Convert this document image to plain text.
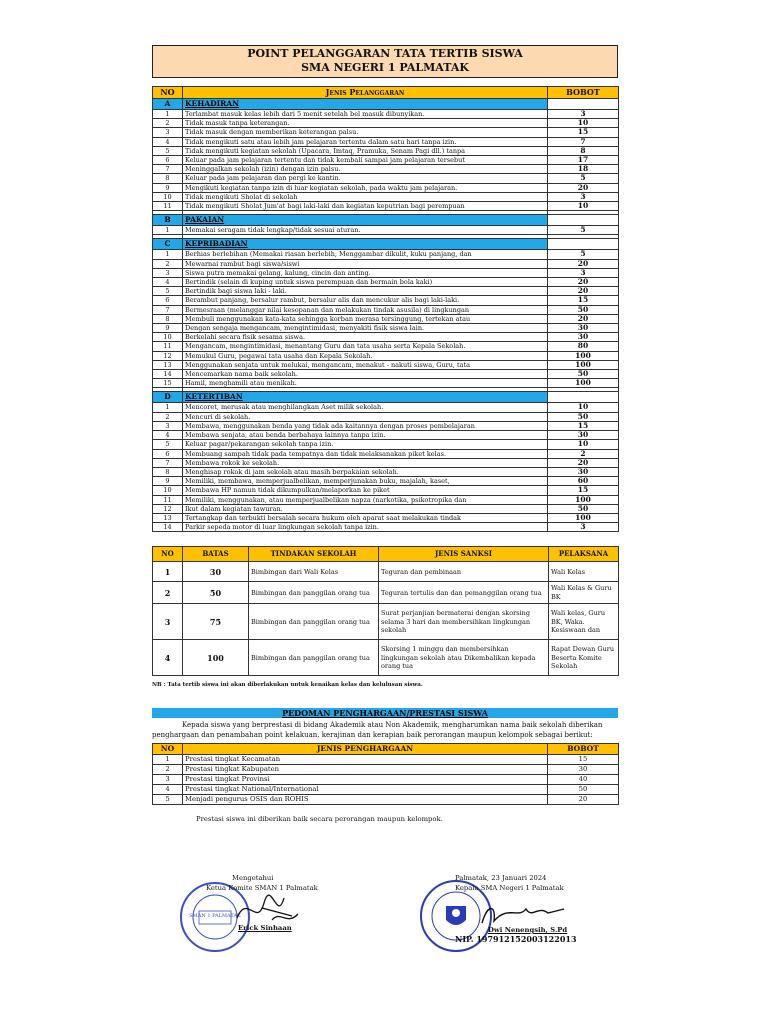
POINT PELANGGARAN TATA TERTIB SISWA
SMA NEGERI 1 PALMATAK
NO	Jenis Pelanggaran	BOBOT
A	KEHADIRAN	
1	Terlambat masuk kelas lebih dari 5 menit setelah bel masuk dibunyikan.	3
2	Tidak masuk tanpa keterangan.	10
3	Tidak masuk dengan memberikan keterangan palsu.	15
4	Tidak mengikuti satu atau lebih jam pelajaran tertentu dalam satu hari tanpa izin.	7
5	Tidak mengikuti kegiatan sekolah (Upacara, Imtaq, Pramuka, Senam Pagi dll.) tanpa	8
6	Keluar pada jam pelajaran tertentu dan tidak kembali sampai jam pelajaran tersebut	17
7	Meninggalkan sekolah (izin) dengan izin palsu.	18
8	Keluar pada jam pelajaran dan pergi ke kantin.	5
9	Mengikuti kegiatan tanpa izin di luar kegiatan sekolah, pada waktu jam pelajaran.	20
10	Tidak mengikuti Sholat di sekolah	3
11	Tidak mengikuti Sholat Jum'at bagi laki-laki dan kegiatan keputrian bagi perempuan	10

B	PAKAIAN	
1	Memakai seragam tidak lengkap/tidak sesuai aturan.	5

C	KEPRIBADIAN	
1	Berhias berlebihan (Memakai riasan berlebih, Menggambar dikulit, kuku panjang, dan	5
2	Mewarnai rambut bagi siswa/siswi	20
3	Siswa putra memakai gelang, kalung, cincin dan anting.	3
4	Bertindik (selain di kuping untuk siswa perempuan dan bermain bola kaki)	20
5	Bertindik bagi siswa laki - laki.	20
6	Berambut panjang, bersalur rambut, bersalur alis dan mencukur alis bagi laki-laki.	15
7	Bermesraan (melanggar nilai kesopanan dan melakukan tindak asusila) di lingkungan	50
8	Membuli menggunakan kata-kata sehingga korban merasa tersinggung, tertekan atau	20
9	Dengan sengaja mengancam, mengintimidasi, menyakiti fisik siswa lain.	30
10	Berkelahi secara fisik sesama siswa.	30
11	Mengancam, mengintimidasi, menantang Guru dan tata usaha serta Kepala Sekolah.	80
12	Memukul Guru, pegawai tata usaha dan Kepala Sekolah.	100
13	Menggunakan senjata untuk melukai, mengancam, menakut - nakuti siswa, Guru, tata	100
14	Mencemarkan nama baik sekolah.	50
15	Hamil, menghamili atau menikah.	100

D	KETERTIBAN	
1	Mencoret, merusak atau menghilangkan Aset milik sekolah.	10
2	Mencuri di sekolah.	50
3	Membawa, menggunakan benda yang tidak ada kaitannya dengan proses pembelajaran	15
4	Membawa senjata, atau benda berbahaya lainnya tanpa izin.	30
5	Keluar pagar/pekarangan sekolah tanpa izin.	10
6	Membuang sampah tidak pada tempatnya dan tidak melaksanakan piket kelas.	2
7	Membawa rokok ke sekolah.	20
8	Menghisap rokok di jam sekolah atau masih berpakaian sekolah.	30
9	Memiliki, membawa, memperjualbelikan, memperjunakan buku, majalah, kaset,	60
10	Membawa HP namun tidak dikumpulkan/melaporkan ke piket	15
11	Memiliki, menggunakan, atau memperjualbelikan napza (narkotika, psikotropika dan	100
12	Ikut dalam kegiatan tawuran.	50
13	Tertangkap dan terbukti bersalah secara hukum oleh aparat saat melakukan tindak	100
14	Parkir sepeda motor di luar lingkungan sekolah tanpa izin.	3
NO	BATAS	TINDAKAN SEKOLAH	JENIS SANKSI	PELAKSANA
1	30	Bimbingan dari Wali Kelas	Teguran dan pembinaan	Wali Kelas
2	50	Bimbingan dan panggilan orang tua	Teguran tertulis dan dan pemanggilan orang tua	Wali Kelas & Guru BK
3	75	Bimbingan dan panggilan orang tua	Surat perjanjian bermaterai dengan skorsing selama 3 hari dan membersihkan lingkungan sekolah	Wali kelas, Guru BK, Waka. Kesiswaan dan
4	100	Bimbingan dan panggilan orang tua	Skorsing 1 minggu dan membersihkan lingkungan sekolah atau Dikembalikan kepada orang tua	Rapat Dewan Guru Beserta Komite Sekolah
NB : Tata tertib siswa ini akan diberlakukan untuk kenaikan kelas dan kelulusan siswa.
PEDOMAN PENGHARGAAN/PRESTASI SISWA
Kepada siswa yang berprestasi di bidang Akademik atau Non Akademik, mengharumkan nama baik sekolah diberikan penghargaan dan penambahan point kelakuan, kerajinan dan kerapian baik perorangan maupun kelompok sebagai berikut:
NO	JENIS PENGHARGAAN	BOBOT
1	Prestasi tingkat Kecamatan	15
2	Prestasi tingkat Kabupaten	30
3	Prestasi tingkat Provinsi	40
4	Prestasi tingkat National/International	50
5	Menjadi pengurus OSIS dan ROHIS	20
Prestasi siswa ini diberikan baik secara perorangan maupun kelompok.
SMAN 1 PALMATAK
Mengetahui
Ketua Komite SMAN 1 Palmatak
Erick Sinhaan
Palmatak, 23 Januari 2024
Kepala SMA Negeri 1 Palmatak
Dwi Nenengsih, S.Pd
NIP. 197912152003122013
